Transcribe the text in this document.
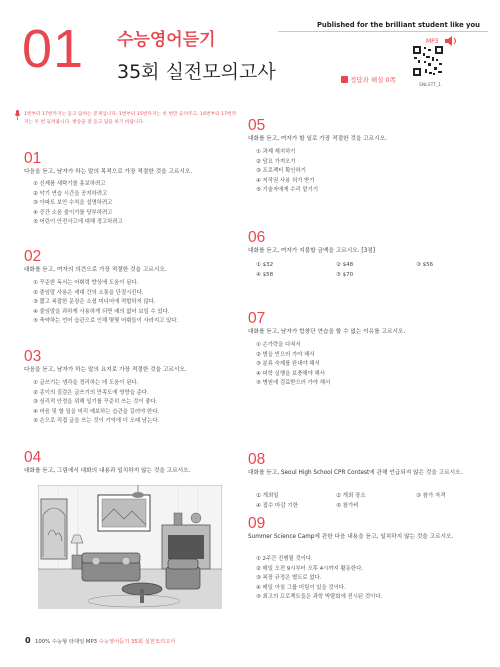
01 수능영어듣기
35회 실전모의고사
Published for the brilliant student like you
MP3
SNLSTT_1
정답과 해설 0쪽
1번부터 17번까지는 듣고 답하는 문제입니다. 1번부터 15번까지는 한 번만 들려주고, 16번부터 17번까지는 두 번 들려줍니다. 방송을 잘 듣고 답을 하기 바랍니다.
01
다음을 듣고, 남자가 하는 말의 목적으로 가장 적절한 것을 고르시오.
① 신제품 세탁기를 홍보하려고
② 악기 연습 시간을 공지하려고
③ 아파트 보안 수칙을 설명하려고
④ 증간 소음 줄이기를 당부하려고
⑤ 어린이 안전사고에 대해 경고하려고
02
대화를 듣고, 여자의 의견으로 가장 적절한 것을 고르시오.
① 꾸준한 독서는 어휘력 향상에 도움이 된다.
② 줄임말 사용은 세대 간의 소통을 단절시킨다.
③ 짧고 복잡한 문장은 소셜 미디어에 적합하지 않다.
④ 줄임말을 과하게 사용하게 되면 예의 없어 보일 수 있다.
⑤ 축약하는 언어 습관으로 인해 몇몇 어휘들이 사라지고 있다.
03
다음을 듣고, 남자가 하는 말의 요지로 가장 적절한 것을 고르시오.
① 글쓰기는 생각을 정리하는 데 도움이 된다.
② 종이의 질감은 글쓰기의 만족도에 영향을 준다.
③ 심리적 안정을 위해 일기를 꾸준히 쓰는 것이 좋다.
④ 마음 및 할 일을 미리 예보하는 습관을 길러야 한다.
⑤ 손으로 직접 글을 쓰는 것이 기억에 더 오래 남는다.
04
대화를 듣고, 그림에서 대화의 내용과 일치하지 않는 것을 고르시오.
05
대화를 듣고, 여자가 할 일로 가장 적절한 것을 고르시오.
① 과제 제지하기
② 담요 가져오기
③ 프로젝터 확인하기
④ 저작권 사용 허가 받기
⑤ 기술자에게 수리 맡기기
06
대화를 듣고, 여자가 지불할 금액을 고르시오. [3점]
① $32	② $48	③ $56
④ $58	⑤ $70
07
대화를 듣고, 남자가 합창단 연습을 할 수 없는 이유를 고르시오.
① 손가락을 다쳐서
② 범을 빈으러 가야 해서
③ 분류 숙제를 완내야 해서
④ 피학 실행을 보충해야 해서
⑤ 병원에 검료받으러 가야 해서
08
대화를 듣고, Seoul High School CPR Contest에 관해 언급되지 않은 것을 고르시오.
① 개최일	② 개최 장소	③ 참가 자격
④ 접수 마감 기한	⑤ 참가비
09
Summer Science Camp에 관한 다음 내용을 듣고, 일치하지 않는 것을 고르시오.
① 2주간 진행될 것이다.
② 매일 오전 9시부터 오후 4시까지 활동한다.
③ 복장 규정은 별도로 없다.
④ 매일 아침 그룹 미팅이 있을 것이다.
⑤ 최고의 프로젝트들은 과학 박람회에 전시된 것이다.
0 100% 수능형 타대임 MP3 수능영어듣기 35회 실전모의고사
